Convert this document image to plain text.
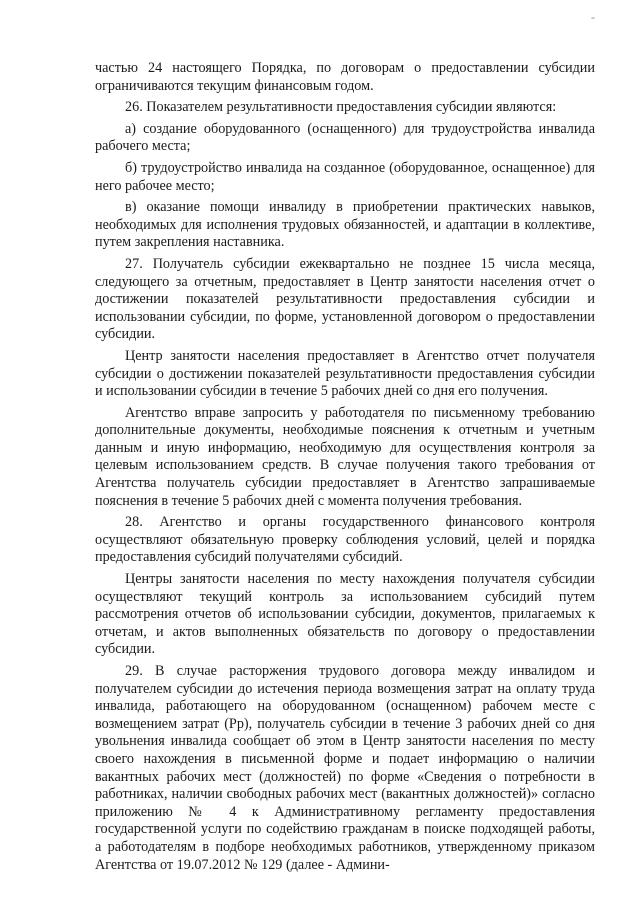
-

частью 24 настоящего Порядка, по договорам о предоставлении субсидии ограничиваются текущим финансовым годом.

26. Показателем результативности предоставления субсидии являются:

а) создание оборудованного (оснащенного) для трудоустройства инвалида рабочего места;

б) трудоустройство инвалида на созданное (оборудованное, оснащенное) для него рабочее место;

в) оказание помощи инвалиду в приобретении практических навыков, необходимых для исполнения трудовых обязанностей, и адаптации в коллективе, путем закрепления наставника.

27. Получатель субсидии ежеквартально не позднее 15 числа месяца, следующего за отчетным, предоставляет в Центр занятости населения отчет о достижении показателей результативности предоставления субсидии и использовании субсидии, по форме, установленной договором о предоставлении субсидии.

Центр занятости населения предоставляет в Агентство отчет получателя субсидии о достижении показателей результативности предоставления субсидии и использовании субсидии в течение 5 рабочих дней со дня его получения.

Агентство вправе запросить у работодателя по письменному требованию дополнительные документы, необходимые пояснения к отчетным и учетным данным и иную информацию, необходимую для осуществления контроля за целевым использованием средств. В случае получения такого требования от Агентства получатель субсидии предоставляет в Агентство запрашиваемые пояснения в течение 5 рабочих дней с момента получения требования.

28. Агентство и органы государственного финансового контроля осуществляют обязательную проверку соблюдения условий, целей и порядка предоставления субсидий получателями субсидий.

Центры занятости населения по месту нахождения получателя субсидии осуществляют текущий контроль за использованием субсидий путем рассмотрения отчетов об использовании субсидии, документов, прилагаемых к отчетам, и актов выполненных обязательств по договору о предоставлении субсидии.

29. В случае расторжения трудового договора между инвалидом и получателем субсидии до истечения периода возмещения затрат на оплату труда инвалида, работающего на оборудованном (оснащенном) рабочем месте с возмещением затрат (Рр), получатель субсидии в течение 3 рабочих дней со дня увольнения инвалида сообщает об этом в Центр занятости населения по месту своего нахождения в письменной форме и подает информацию о наличии вакантных рабочих мест (должностей) по форме «Сведения о потребности в работниках, наличии свободных рабочих мест (вакантных должностей)» согласно приложению № 4 к Административному регламенту предоставления государственной услуги по содействию гражданам в поиске подходящей работы, а работодателям в подборе необходимых работников, утвержденному приказом Агентства от 19.07.2012 № 129 (далее - Админи-
